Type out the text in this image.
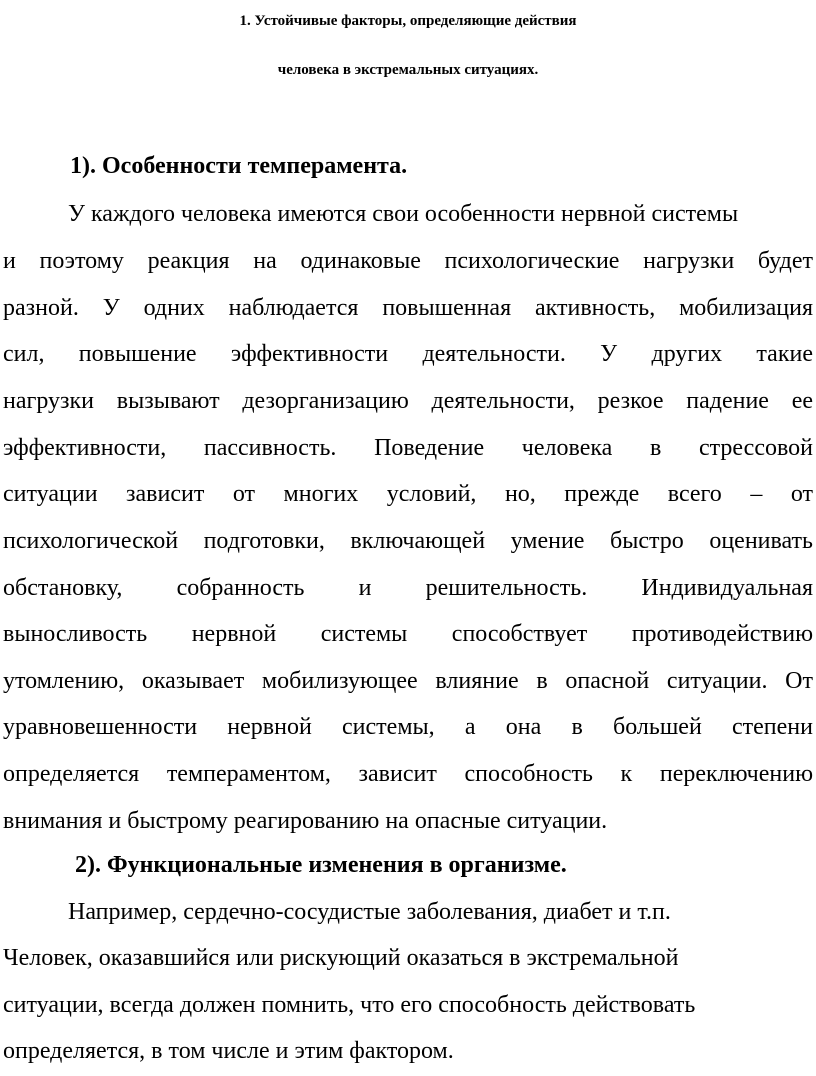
1. Устойчивые факторы, определяющие действия
человека в экстремальных ситуациях.
1). Особенности темперамента.
У каждого человека имеются свои особенности нервной системы
и поэтому реакция на одинаковые психологические нагрузки будет
разной. У одних наблюдается повышенная активность, мобилизация
сил, повышение эффективности деятельности. У других такие
нагрузки вызывают дезорганизацию деятельности, резкое падение ее
эффективности, пассивность. Поведение человека в стрессовой
ситуации зависит от многих условий, но, прежде всего – от
психологической подготовки, включающей умение быстро оценивать
обстановку, собранность и решительность. Индивидуальная
выносливость нервной системы способствует противодействию
утомлению, оказывает мобилизующее влияние в опасной ситуации. От
уравновешенности нервной системы, а она в большей степени
определяется темпераментом, зависит способность к переключению
внимания и быстрому реагированию на опасные ситуации.
2). Функциональные изменения в организме.
Например, сердечно-сосудистые заболевания, диабет и т.п.
Человек, оказавшийся или рискующий оказаться в экстремальной
ситуации, всегда должен помнить, что его способность действовать
определяется, в том числе и этим фактором.
